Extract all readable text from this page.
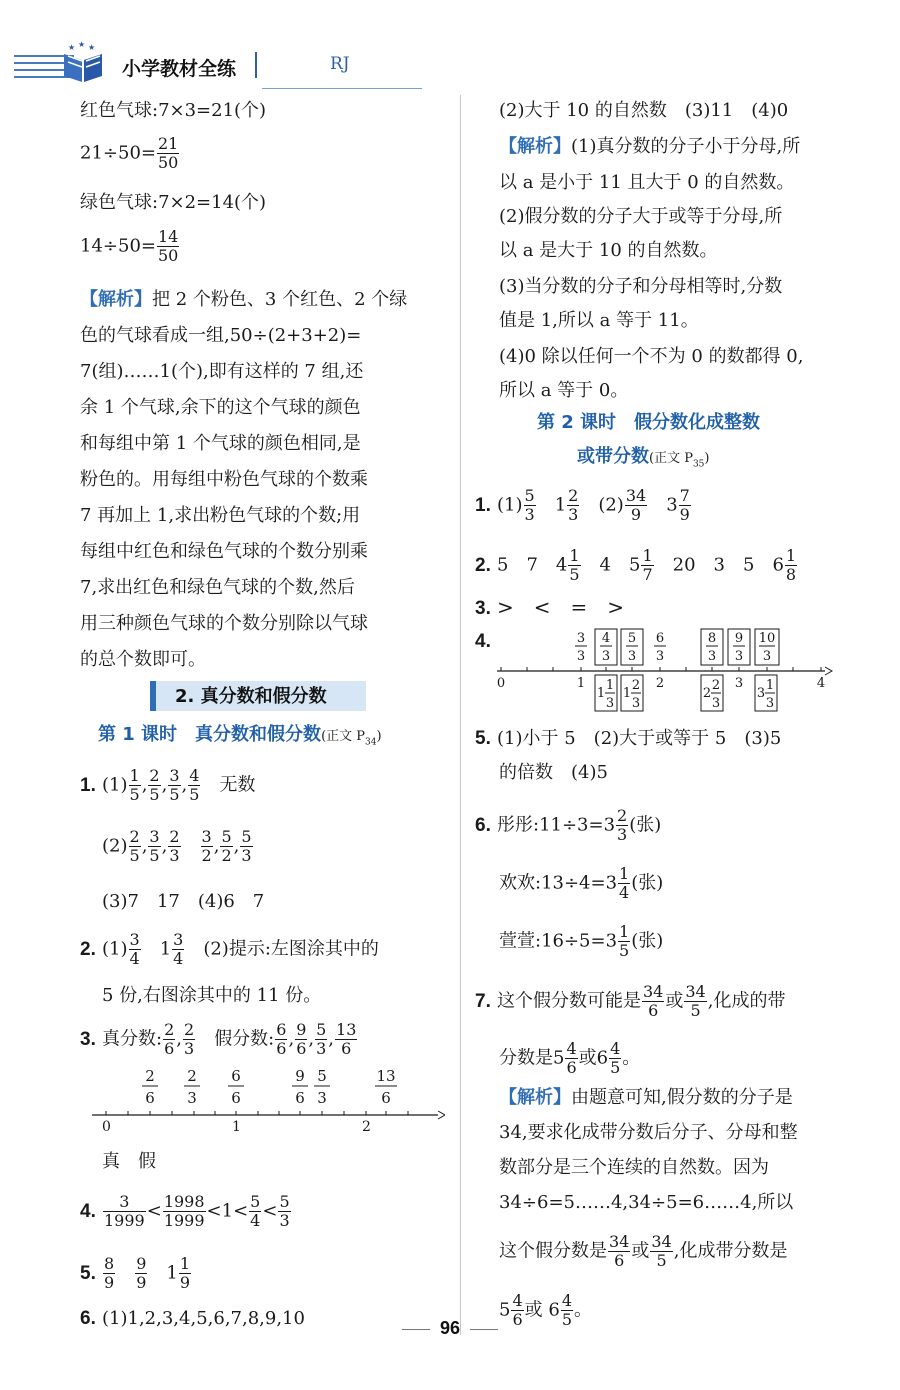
★ ★ ★
小学教材全练	RJ
红色气球:7×3=21(个)
$21\div 50= \frac{21}{50}$
绿色气球:7×2=14(个)
$14\div 50= \frac{14}{50}$
【解析】把 2 个粉色、3 个红色、2 个绿
色的气球看成一组,50÷(2+3+2)=
7(组)……1(个),即有这样的 7 组,还
余 1 个气球,余下的这个气球的颜色
和每组中第 1 个气球的颜色相同,是
粉色的。用每组中粉色气球的个数乘
7 再加上 1,求出粉色气球的个数;用
每组中红色和绿色气球的个数分别乘
7,求出红色和绿色气球的个数,然后
用三种颜色气球的个数分别除以气球
的总个数即可。
2. 真分数和假分数
第 1 课时　真分数和假分数(正文 $P_{34}$)
1. $(1) \frac{1}{5}$ , $\frac{2}{5}$ , $\frac{3}{5}$ , $\frac{4}{5}$
　 无数
$(2) \frac{2}{5}$ , $\frac{3}{5}$ , $\frac{2}{3}$
　 $\frac{3}{2}$ , $\frac{5}{2}$ , $\frac{5}{3}$
(3)7　17　(4)6　7
2. $(1) \frac{3}{4}$
　 $1 \frac{3}{4}$
　 (2)提示:左图涂其中的
5 份,右图涂其中的 11 份。
3. 真分数: $\frac{2}{6}$ , $\frac{2}{3}$
　 假分数: $\frac{6}{6}$ , $\frac{9}{6}$ , $\frac{5}{3}$ , $\frac{13}{6}$
2
6
2
3
6
6
9
6
5
3
13
6
0	1	2
真　假
4. $\frac{3}{1999} < \frac{1998}{1999} <1< \frac{5}{4} < \frac{5}{3}$
5. $\frac{8}{9}$
　 $\frac{9}{9}$
　 $1 \frac{1}{9}$
6. (1)1,2,3,4,5,6,7,8,9,10
(2)大于 10 的自然数　(3)11　(4)0
【解析】(1)真分数的分子小于分母,所
以 a 是小于 11 且大于 0 的自然数。
(2)假分数的分子大于或等于分母,所
以 a 是大于 10 的自然数。
(3)当分数的分子和分母相等时,分数
值是 1,所以 a 等于 11。
(4)0 除以任何一个不为 0 的数都得 0,
所以 a 等于 0。
第 2 课时　假分数化成整数
或带分数(正文 $P_{35}$)
1. $(1) \frac{5}{3}$
　 $1 \frac{2}{3}$
　 $(2) \frac{34}{9}$
　 $3 \frac{7}{9}$
2. 5　7　$4 \frac{1}{5}$
　 4　$5 \frac{1}{7}$
　 20　3　5　$6 \frac{1}{8}$
3. >　<　=　>
4.	3
3
4
3
5
3
6
3
8
3
9
3
10
3
0	1	2	3	4
1
1
3
1
2
3
2
2
3
3
1
3
5. (1)小于 5　(2)大于或等于 5　(3)5
的倍数　(4)5
6. 彤彤:11÷3=3 $\frac{2}{3}$ (张)
欢欢:13÷4=3 $\frac{1}{4}$ (张)
萱萱:16÷5=3 $\frac{1}{5}$ (张)
7. 这个假分数可能是 $\frac{34}{6}$ 或 $\frac{34}{5}$ ,化成的带
分数是$5 \frac{4}{6}$ 或$6 \frac{4}{5}$ 。
【解析】由题意可知,假分数的分子是
34,要求化成带分数后分子、分母和整
数部分是三个连续的自然数。因为
34÷6=5……4,34÷5=6……4,所以
这个假分数是 $\frac{34}{6}$ 或 $\frac{34}{5}$ ,化成带分数是
$5 \frac{4}{6}$ 或 $6 \frac{4}{5}$ 。
96
